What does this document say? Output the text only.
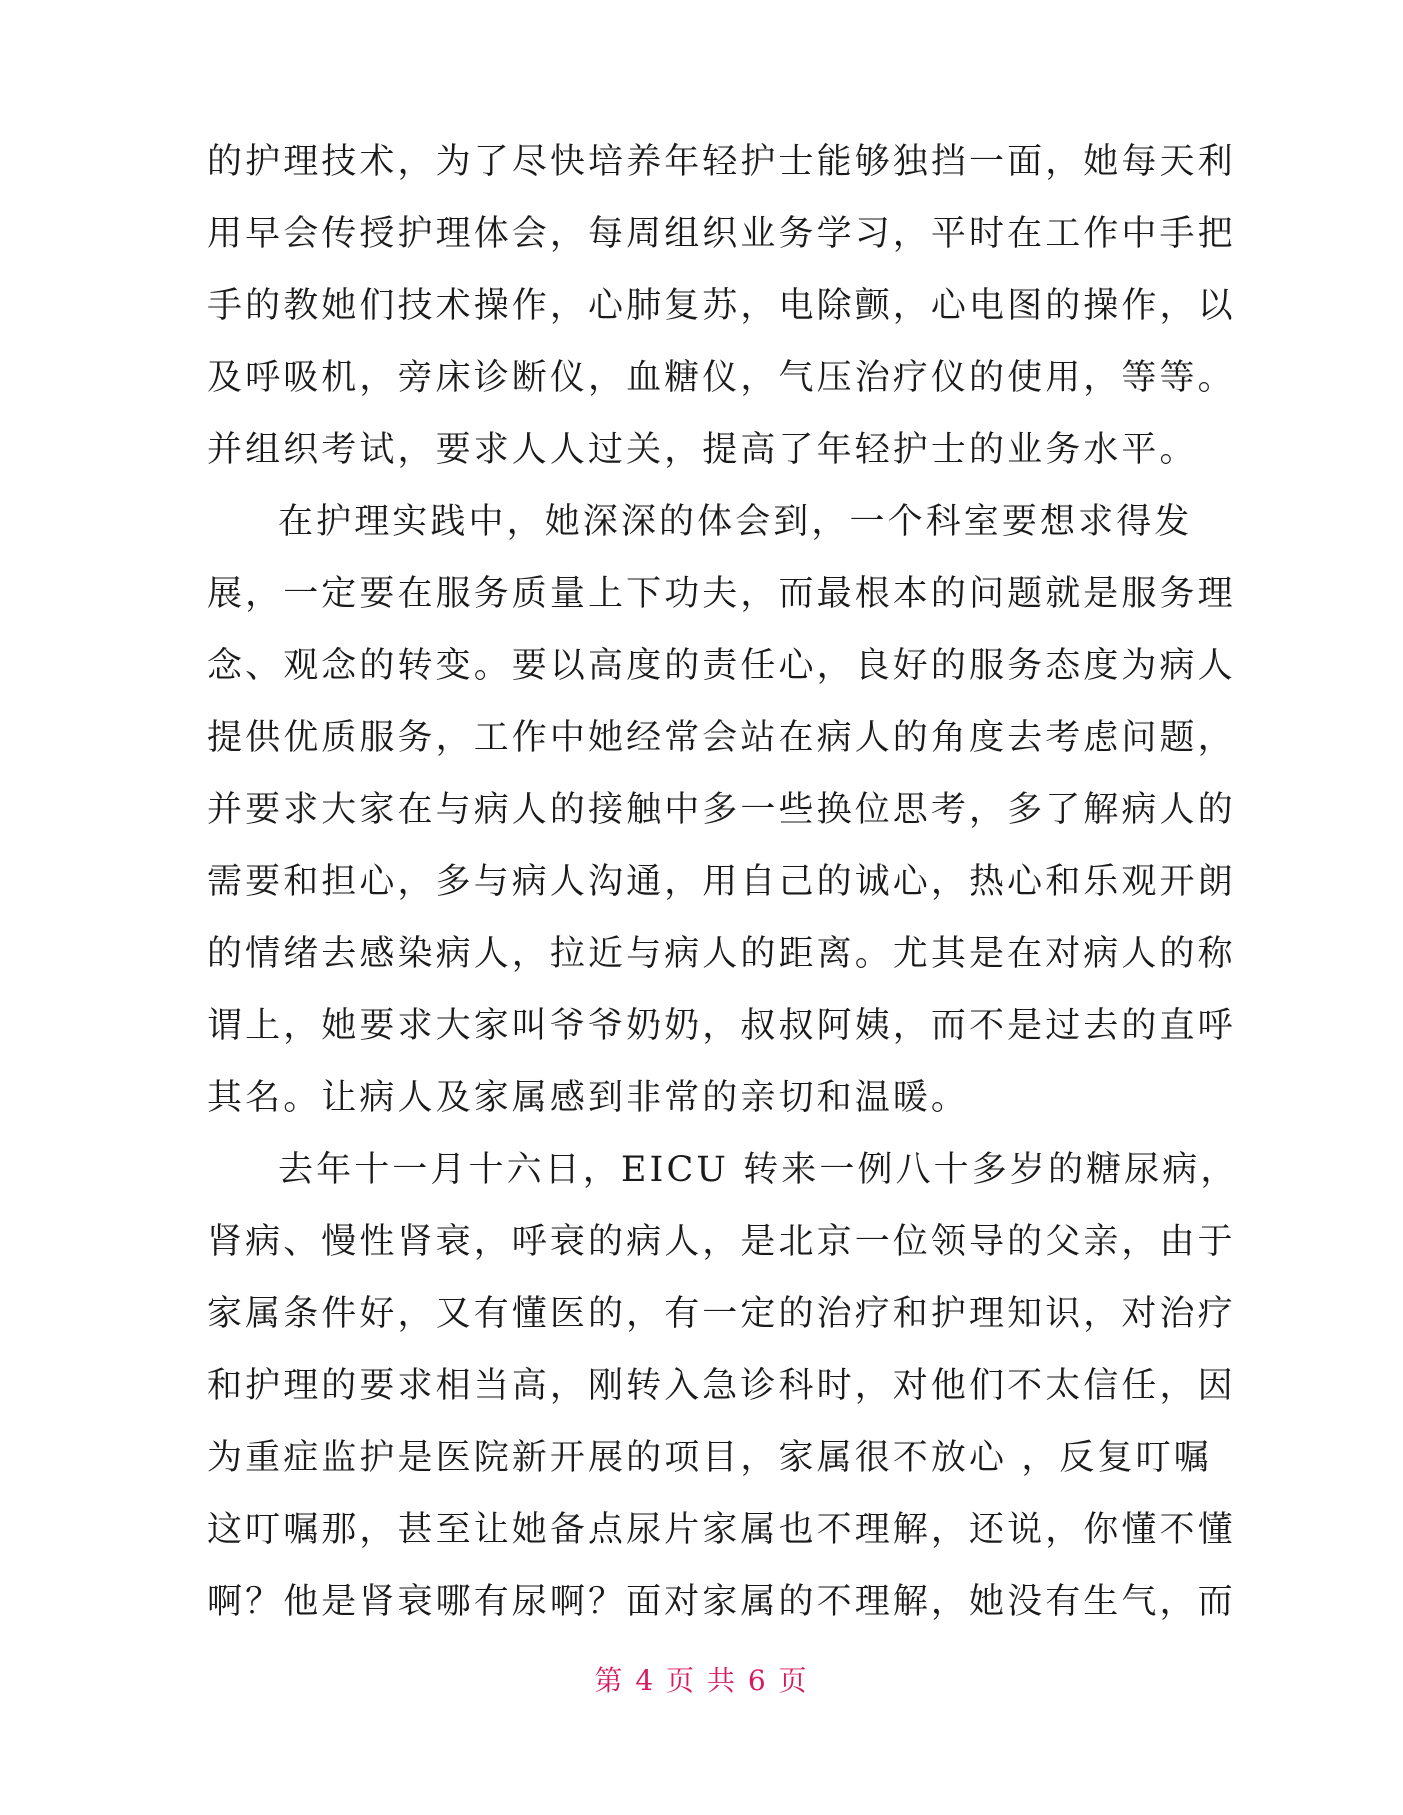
的护理技术，为了尽快培养年轻护士能够独挡一面，她每天利
用早会传授护理体会，每周组织业务学习，平时在工作中手把
手的教她们技术操作，心肺复苏，电除颤，心电图的操作，以
及呼吸机，旁床诊断仪，血糖仪，气压治疗仪的使用，等等。
并组织考试，要求人人过关，提高了年轻护士的业务水平。
在护理实践中，她深深的体会到，一个科室要想求得发
展，一定要在服务质量上下功夫，而最根本的问题就是服务理
念、观念的转变。要以高度的责任心，良好的服务态度为病人
提供优质服务，工作中她经常会站在病人的角度去考虑问题，
并要求大家在与病人的接触中多一些换位思考，多了解病人的
需要和担心，多与病人沟通，用自己的诚心，热心和乐观开朗
的情绪去感染病人，拉近与病人的距离。尤其是在对病人的称
谓上，她要求大家叫爷爷奶奶，叔叔阿姨，而不是过去的直呼
其名。让病人及家属感到非常的亲切和温暖。
去年十一月十六日，EICU 转来一例八十多岁的糖尿病，
肾病、慢性肾衰，呼衰的病人，是北京一位领导的父亲，由于
家属条件好，又有懂医的，有一定的治疗和护理知识，对治疗
和护理的要求相当高，刚转入急诊科时，对他们不太信任，因
为重症监护是医院新开展的项目，家属很不放心 ，反复叮嘱
这叮嘱那，甚至让她备点尿片家属也不理解，还说，你懂不懂
啊？他是肾衰哪有尿啊？面对家属的不理解，她没有生气，而
第 4 页 共 6 页
